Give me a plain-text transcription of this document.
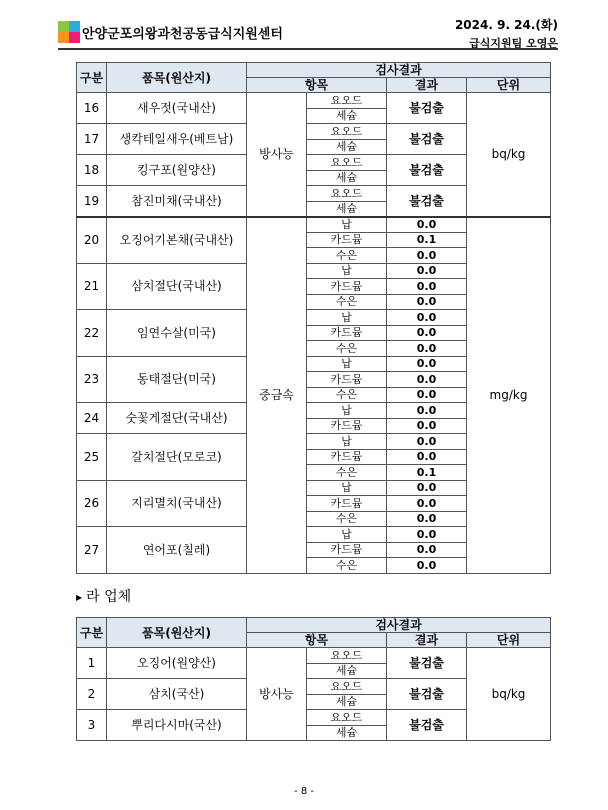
안양군포의왕과천공동급식지원센터
2024. 9. 24.(화)
급식지원팀 오영은
구분	품목(원산지)	검사결과			
		항목		결과	단위
16	새우젓(국내산)	방사능	요오드	불검출	bq/kg
			세슘		
17	생칵테일새우(베트남)		요오드	불검출	
			세슘		
18	킹구포(원양산)		요오드	불검출	
			세슘		
19	참진미채(국내산)		요오드	불검출	
			세슘		
20	오징어기본채(국내산)	중금속	납	0.0	mg/kg
			카드뮴	0.1	
			수은	0.0	
21	삼치절단(국내산)		납	0.0	
			카드뮴	0.0	
			수은	0.0	
22	임연수살(미국)		납	0.0	
			카드뮴	0.0	
			수은	0.0	
23	동태절단(미국)		납	0.0	
			카드뮴	0.0	
			수은	0.0	
24	숫꽃게절단(국내산)		납	0.0	
			카드뮴	0.0	
25	갈치절단(모로코)		납	0.0	
			카드뮴	0.0	
			수은	0.1	
26	지리멸치(국내산)		납	0.0	
			카드뮴	0.0	
			수은	0.0	
27	연어포(칠레)		납	0.0	
			카드뮴	0.0	
			수은	0.0	
▶ 라 업체
구분	품목(원산지)	검사결과			
		항목		결과	단위
1	오징어(원양산)	방사능	요오드	불검출	bq/kg
			세슘		
2	삼치(국산)		요오드	불검출	
			세슘		
3	뿌리다시마(국산)		요오드	불검출	
			세슘		
- 8 -
